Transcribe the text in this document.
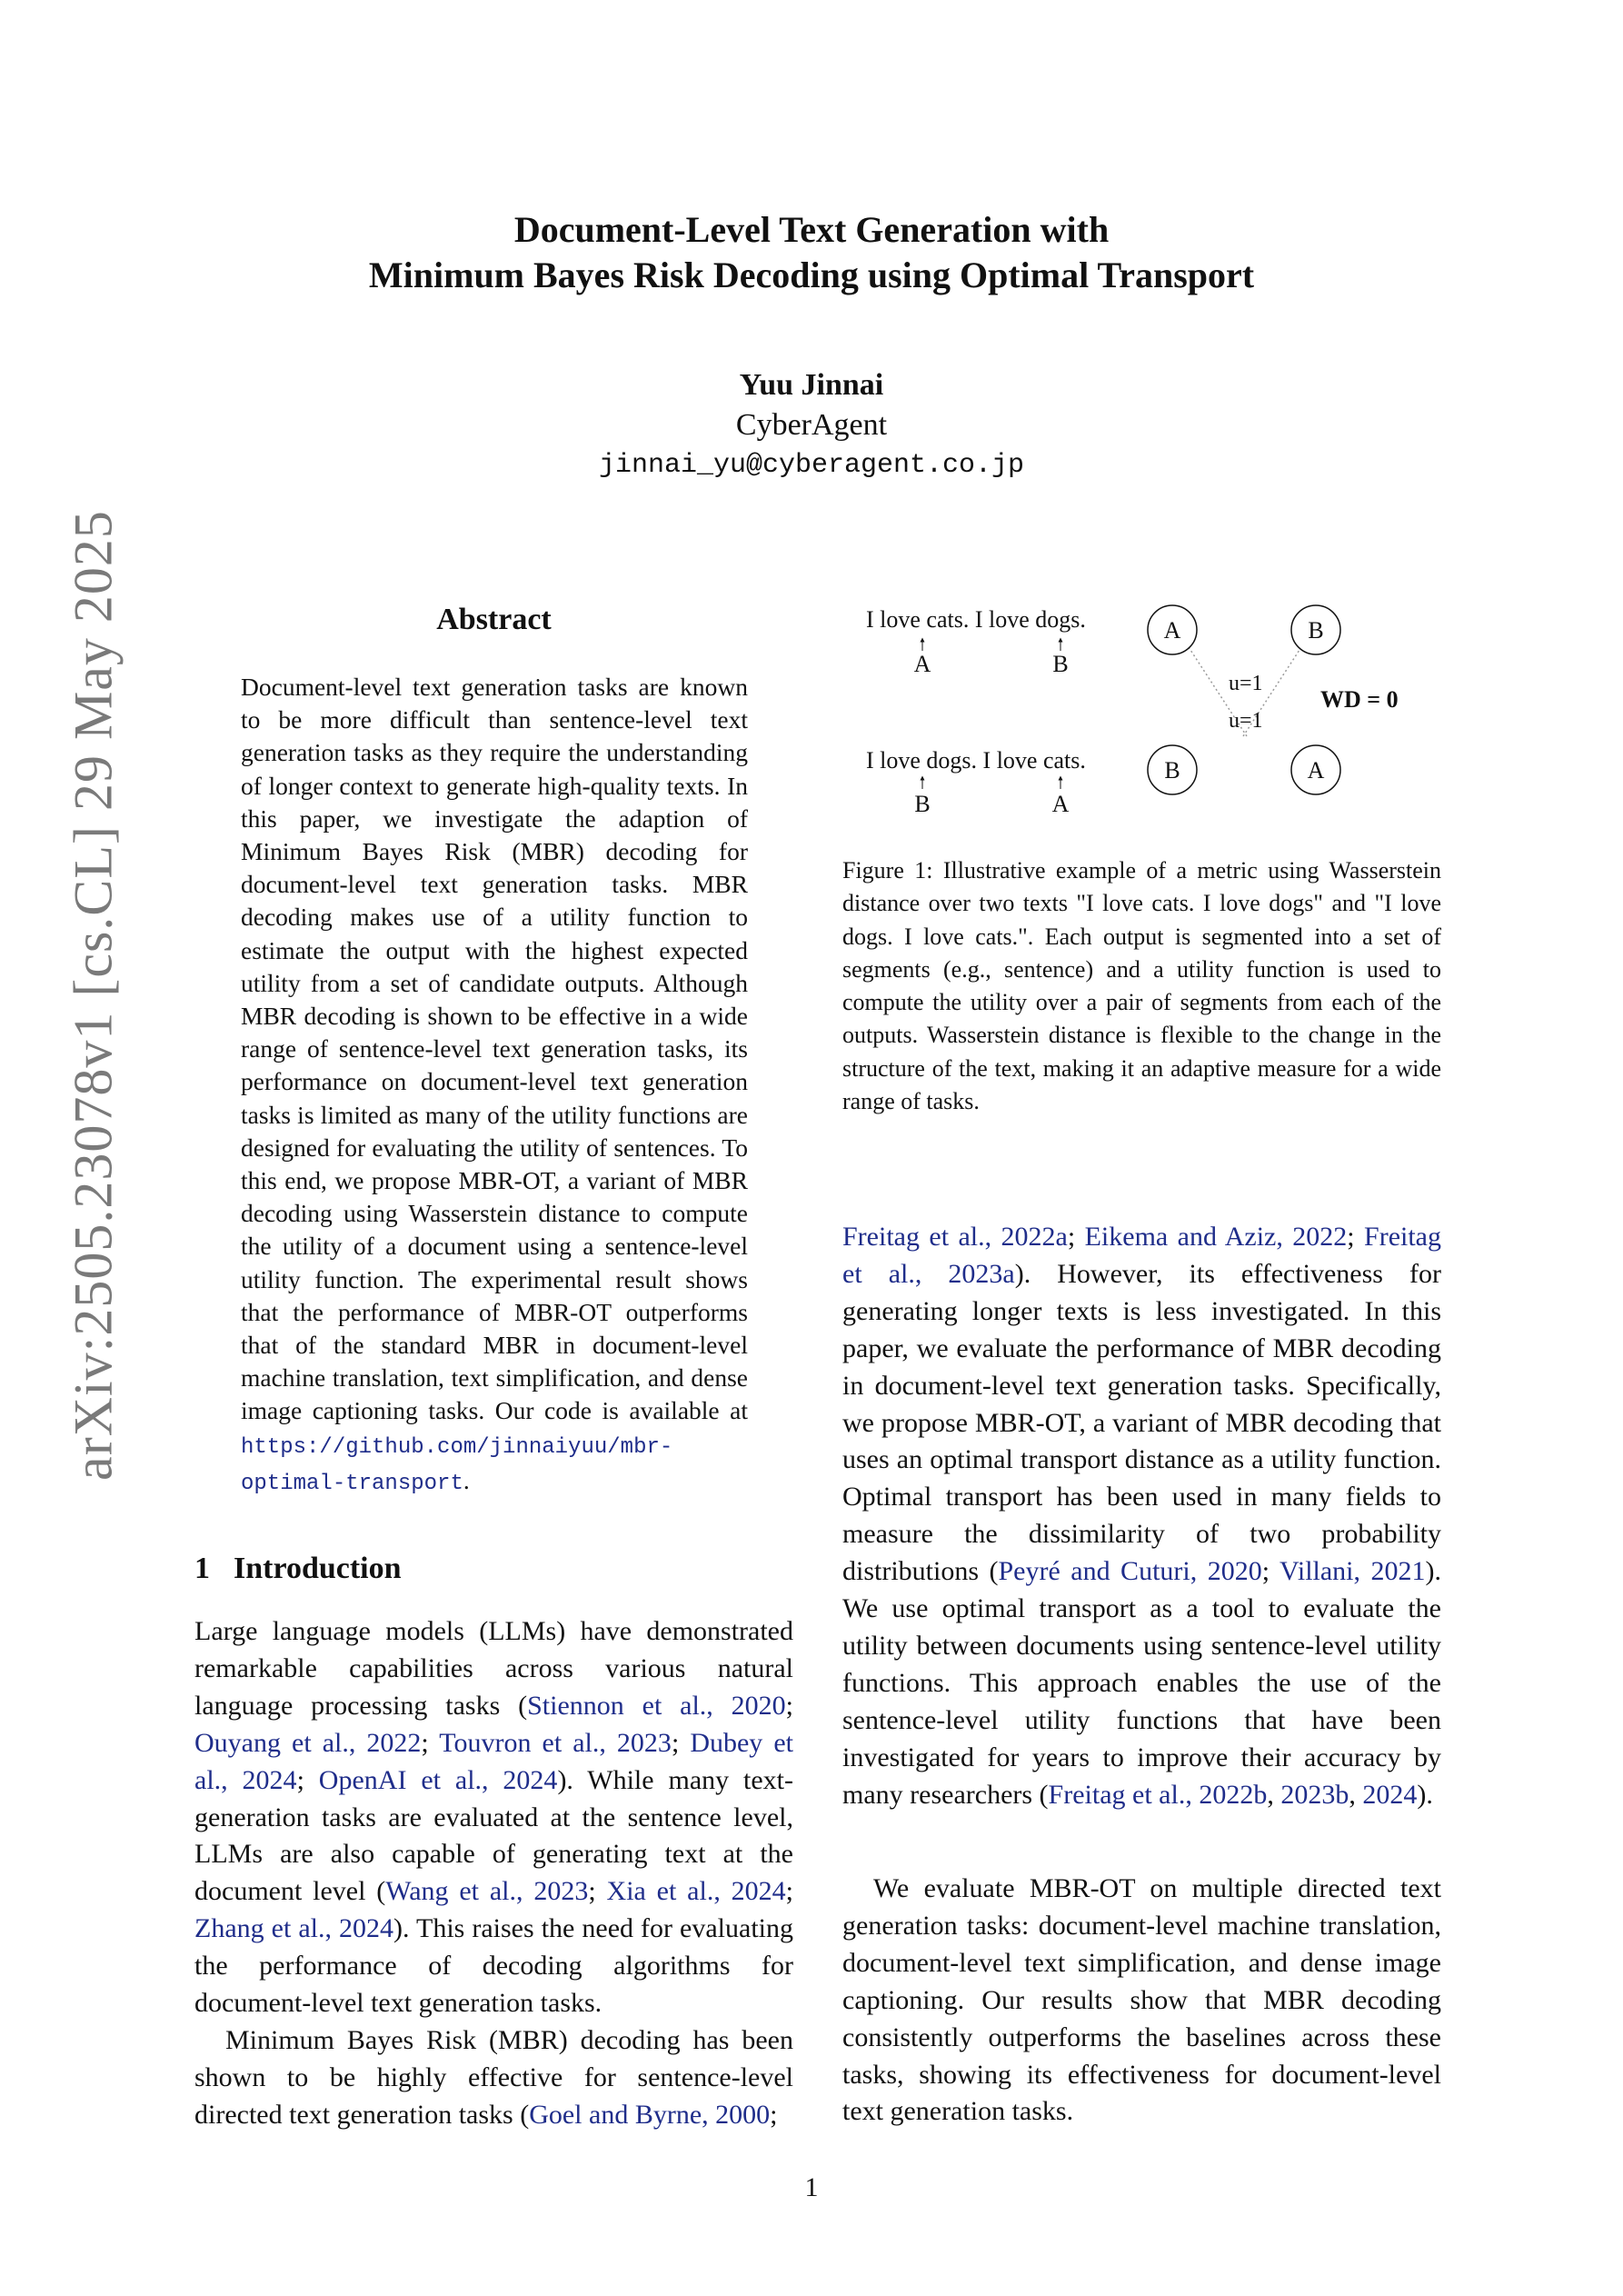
arXiv:2505.23078v1 [cs.CL] 29 May 2025
Document-Level Text Generation with
Minimum Bayes Risk Decoding using Optimal Transport
Yuu Jinnai
CyberAgent
jinnai_yu@cyberagent.co.jp
Abstract

Document-level text generation tasks are known to be more difficult than sentence-level text generation tasks as they require the understanding of longer context to generate high-quality texts. In this paper, we investigate the adaption of Minimum Bayes Risk (MBR) decoding for document-level text generation tasks. MBR decoding makes use of a utility function to estimate the output with the highest expected utility from a set of candidate outputs. Although MBR decoding is shown to be effective in a wide range of sentence-level text generation tasks, its performance on document-level text generation tasks is limited as many of the utility functions are designed for evaluating the utility of sentences. To this end, we propose MBR-OT, a variant of MBR decoding using Wasserstein distance to compute the utility of a document using a sentence-level utility function. The experimental result shows that the performance of MBR-OT outperforms that of the standard MBR in document-level machine translation, text simplification, and dense image captioning tasks. Our code is available at https://github.com/jinnaiyuu/mbr-optimal-transport.

I love cats. I love dogs.
A	B
I love dogs. I love cats.
B	A
A	B
B	A
u=1
u=1
WD = 0

Figure 1: Illustrative example of a metric using Wasserstein distance over two texts "I love cats. I love dogs" and "I love dogs. I love cats.". Each output is segmented into a set of segments (e.g., sentence) and a utility function is used to compute the utility over a pair of segments from each of the outputs. Wasserstein distance is flexible to the change in the structure of the text, making it an adaptive measure for a wide range of tasks.

1 Introduction

Large language models (LLMs) have demonstrated remarkable capabilities across various natural language processing tasks (Stiennon et al., 2020; Ouyang et al., 2022; Touvron et al., 2023; Dubey et al., 2024; OpenAI et al., 2024). While many text-generation tasks are evaluated at the sentence level, LLMs are also capable of generating text at the document level (Wang et al., 2023; Xia et al., 2024; Zhang et al., 2024). This raises the need for evaluating the performance of decoding algorithms for document-level text generation tasks.

Minimum Bayes Risk (MBR) decoding has been shown to be highly effective for sentence-level directed text generation tasks (Goel and Byrne, 2000;

Freitag et al., 2022a; Eikema and Aziz, 2022; Freitag et al., 2023a). However, its effectiveness for generating longer texts is less investigated. In this paper, we evaluate the performance of MBR decoding in document-level text generation tasks. Specifically, we propose MBR-OT, a variant of MBR decoding that uses an optimal transport distance as a utility function. Optimal transport has been used in many fields to measure the dissimilarity of two probability distributions (Peyré and Cuturi, 2020; Villani, 2021). We use optimal transport as a tool to evaluate the utility between documents using sentence-level utility functions. This approach enables the use of the sentence-level utility functions that have been investigated for years to improve their accuracy by many researchers (Freitag et al., 2022b, 2023b, 2024).

We evaluate MBR-OT on multiple directed text generation tasks: document-level machine translation, document-level text simplification, and dense image captioning. Our results show that MBR decoding consistently outperforms the baselines across these tasks, showing its effectiveness for document-level text generation tasks.

1
